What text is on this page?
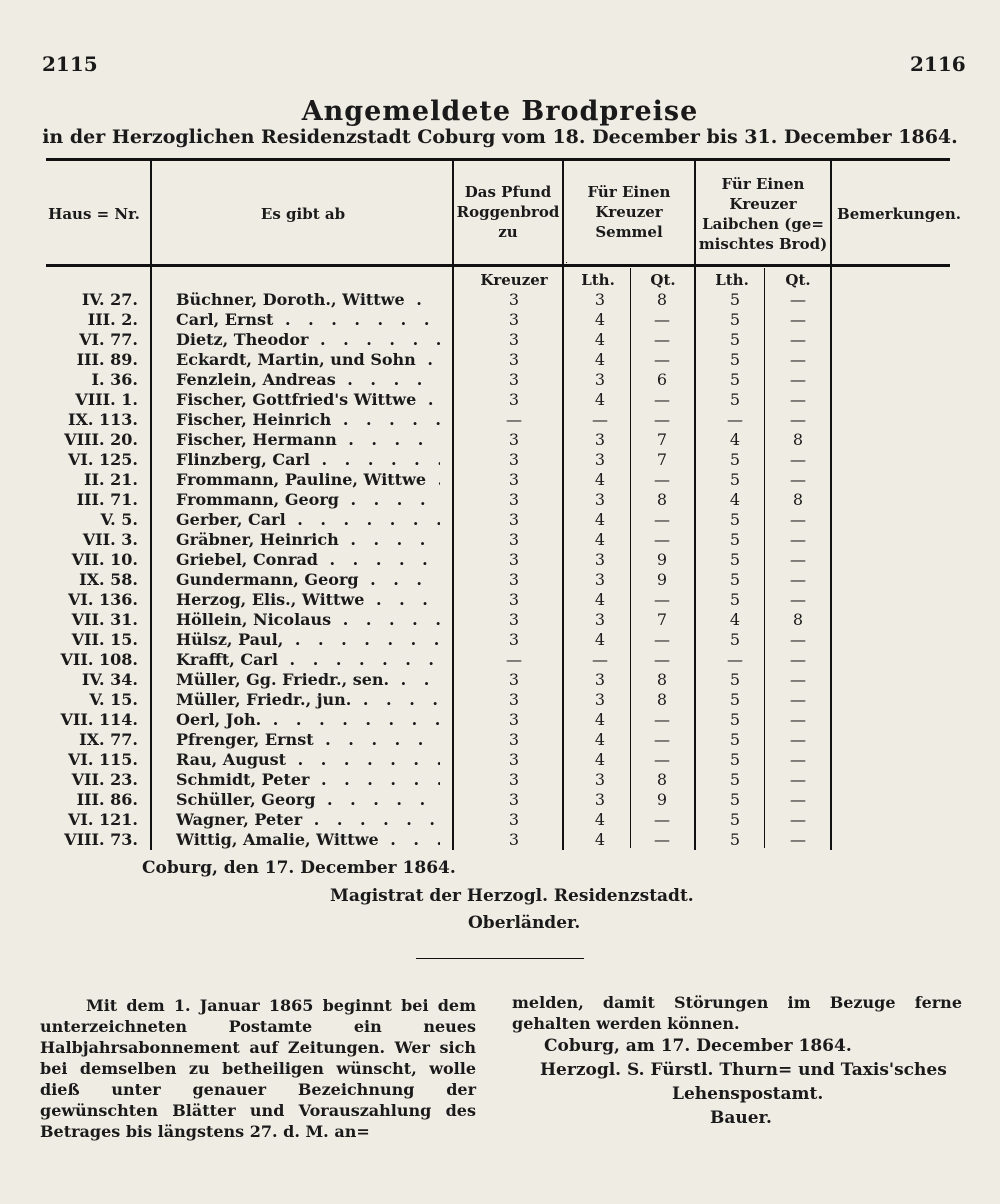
2115	2116
Angemeldete Brodpreise
in der Herzoglichen Residenzstadt Coburg vom 18. December bis 31. December 1864.
Haus = Nr.	Es gibt ab
Das Pfund
Roggenbrod
zu
Für Einen
Kreuzer
Semmel
Für Einen
Kreuzer
Laibchen (ge=
mischtes Brod)
Bemerkungen.
Kreuzer	Lth.	Qt.	Lth.	Qt.
IV. 27. Büchner, Doroth., Wittwe . . .	3	3	8	5	—
III. 2. Carl, Ernst . . .	3	4	—	5	—
VI. 77. Dietz, Theodor . . .	3	4	—	5	—
III. 89. Eckardt, Martin, und Sohn . . .	3	4	—	5	—
I. 36. Fenzlein, Andreas . . .	3	3	6	5	—
VIII. 1. Fischer, Gottfried's Wittwe . . .	3	4	—	5	—
IX. 113. Fischer, Heinrich . . .	—	—	—	—	—
VIII. 20. Fischer, Hermann . . .	3	3	7	4	8
VI. 125. Flinzberg, Carl . . .	3	3	7	5	—
II. 21. Frommann, Pauline, Wittwe . . .	3	4	—	5	—
III. 71. Frommann, Georg . . .	3	3	8	4	8
V. 5. Gerber, Carl . . .	3	4	—	5	—
VII. 3. Gräbner, Heinrich . . .	3	4	—	5	—
VII. 10. Griebel, Conrad . . .	3	3	9	5	—
IX. 58. Gundermann, Georg . . .	3	3	9	5	—
VI. 136. Herzog, Elis., Wittwe . . .	3	4	—	5	—
VII. 31. Höllein, Nicolaus . . .	3	3	7	4	8
VII. 15. Hülsz, Paul, . . .	3	4	—	5	—
VII. 108. Krafft, Carl . . .	—	—	—	—	—
IV. 34. Müller, Gg. Friedr., sen. . . .	3	3	8	5	—
V. 15. Müller, Friedr., jun. . . .	3	3	8	5	—
VII. 114. Oerl, Joh. . . .	3	4	—	5	—
IX. 77. Pfrenger, Ernst . . .	3	4	—	5	—
VI. 115. Rau, August . . .	3	4	—	5	—
VII. 23. Schmidt, Peter . . .	3	3	8	5	—
III. 86. Schüller, Georg . . .	3	3	9	5	—
VI. 121. Wagner, Peter . . .	3	4	—	5	—
VIII. 73. Wittig, Amalie, Wittwe . . .	3	4	—	5	—
Coburg, den 17. December 1864.
Magistrat der Herzogl. Residenzstadt.
Oberländer.
Mit dem 1. Januar 1865 beginnt bei dem unterzeichneten Postamte ein neues Halbjahrsabonnement auf Zeitungen. Wer sich bei demselben zu betheiligen wünscht, wolle dieß unter genauer Bezeichnung der gewünschten Blätter und Vorauszahlung des Betrages bis längstens 27. d. M. an=
melden, damit Störungen im Bezuge ferne gehalten werden können.
Coburg, am 17. December 1864.
Herzogl. S. Fürstl. Thurn= und Taxis'sches
Lehenspostamt.
Bauer.
